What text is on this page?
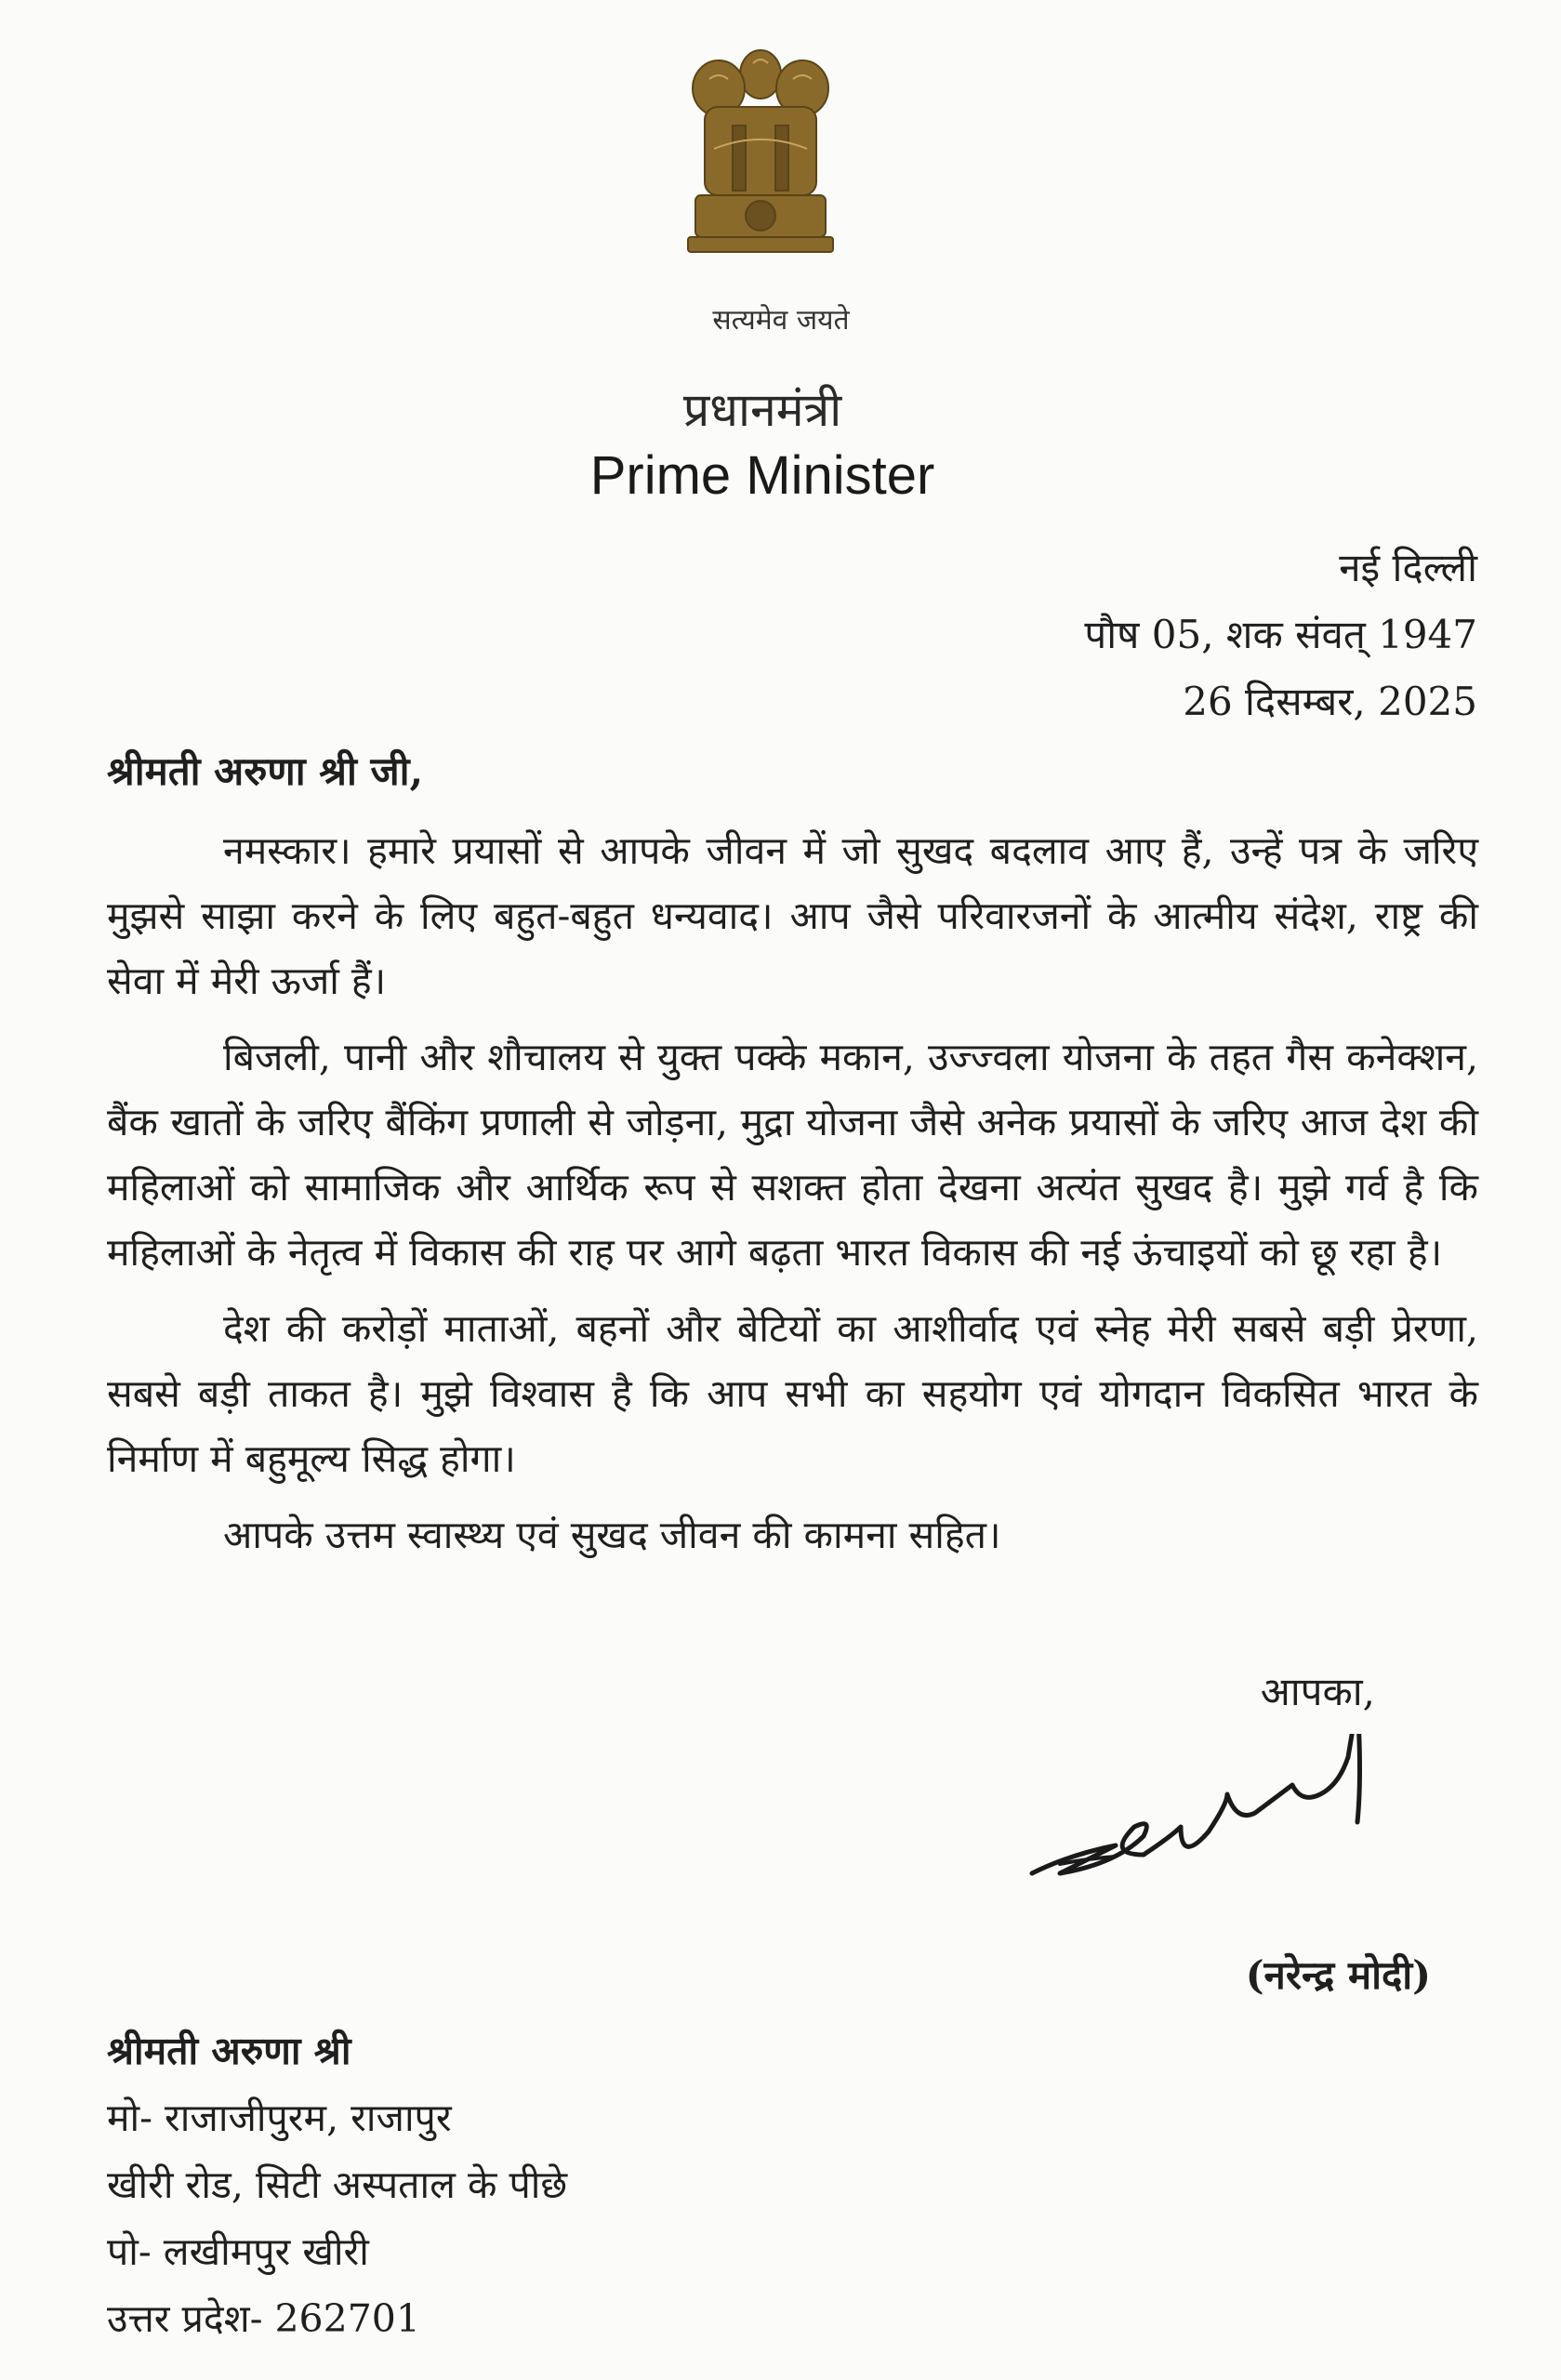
सत्यमेव जयते
प्रधानमंत्री
Prime Minister
नई दिल्ली
पौष 05, शक संवत् 1947
26 दिसम्बर, 2025
श्रीमती अरुणा श्री जी,

नमस्कार। हमारे प्रयासों से आपके जीवन में जो सुखद बदलाव आए हैं, उन्हें पत्र के जरिए मुझसे साझा करने के लिए बहुत-बहुत धन्यवाद। आप जैसे परिवारजनों के आत्मीय संदेश, राष्ट्र की सेवा में मेरी ऊर्जा हैं।

बिजली, पानी और शौचालय से युक्त पक्के मकान, उज्ज्वला योजना के तहत गैस कनेक्शन, बैंक खातों के जरिए बैंकिंग प्रणाली से जोड़ना, मुद्रा योजना जैसे अनेक प्रयासों के जरिए आज देश की महिलाओं को सामाजिक और आर्थिक रूप से सशक्त होता देखना अत्यंत सुखद है। मुझे गर्व है कि महिलाओं के नेतृत्व में विकास की राह पर आगे बढ़ता भारत विकास की नई ऊंचाइयों को छू रहा है।

देश की करोड़ों माताओं, बहनों और बेटियों का आशीर्वाद एवं स्नेह मेरी सबसे बड़ी प्रेरणा, सबसे बड़ी ताकत है। मुझे विश्वास है कि आप सभी का सहयोग एवं योगदान विकसित भारत के निर्माण में बहुमूल्य सिद्ध होगा।

आपके उत्तम स्वास्थ्य एवं सुखद जीवन की कामना सहित।

आपका,
(नरेन्द्र मोदी)
श्रीमती अरुणा श्री
मो- राजाजीपुरम, राजापुर
खीरी रोड, सिटी अस्पताल के पीछे
पो- लखीमपुर खीरी
उत्तर प्रदेश- 262701
